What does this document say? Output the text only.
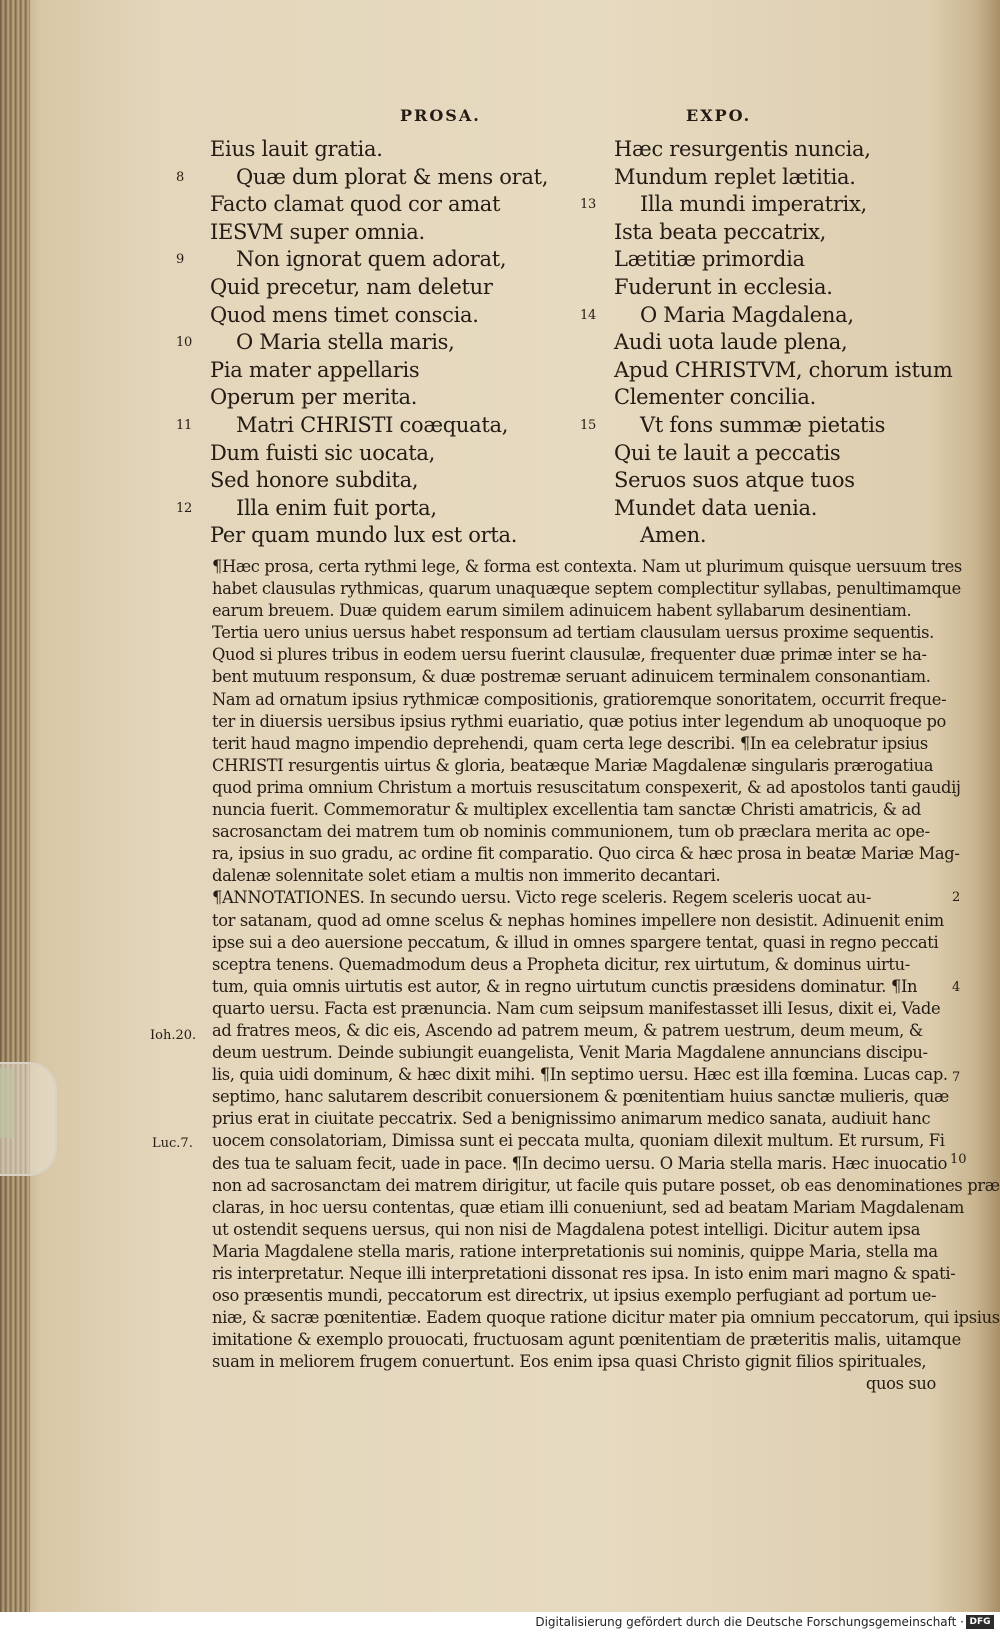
PROSA.	EXPO.
Eius lauit gratia.
8 Quæ dum plorat & mens orat,
Facto clamat quod cor amat
IESVM super omnia.
9 Non ignorat quem adorat,
Quid precetur, nam deletur
Quod mens timet conscia.
10 O Maria stella maris,
Pia mater appellaris
Operum per merita.
11 Matri CHRISTI coæquata,
Dum fuisti sic uocata,
Sed honore subdita,
12 Illa enim fuit porta,
Per quam mundo lux est orta.
Hæc resurgentis nuncia,
Mundum replet lætitia.
13 Illa mundi imperatrix,
Ista beata peccatrix,
Lætitiæ primordia
Fuderunt in ecclesia.
14 O Maria Magdalena,
Audi uota laude plena,
Apud CHRISTVM, chorum istum
Clementer concilia.
15 Vt fons summæ pietatis
Qui te lauit a peccatis
Seruos suos atque tuos
Mundet data uenia.
Amen.
¶Hæc prosa, certa rythmi lege, & forma est contexta. Nam ut plurimum quisque uersuum tres
habet clausulas rythmicas, quarum unaquæque septem complectitur syllabas, penultimamque
earum breuem. Duæ quidem earum similem adinuicem habent syllabarum desinentiam.
Tertia uero unius uersus habet responsum ad tertiam clausulam uersus proxime sequentis.
Quod si plures tribus in eodem uersu fuerint clausulæ, frequenter duæ primæ inter se ha-
bent mutuum responsum, & duæ postremæ seruant adinuicem terminalem consonantiam.
Nam ad ornatum ipsius rythmicæ compositionis, gratioremque sonoritatem, occurrit freque-
ter in diuersis uersibus ipsius rythmi euariatio, quæ potius inter legendum ab unoquoque po
terit haud magno impendio deprehendi, quam certa lege describi. ¶In ea celebratur ipsius
CHRISTI resurgentis uirtus & gloria, beatæque Mariæ Magdalenæ singularis prærogatiua
quod prima omnium Christum a mortuis resuscitatum conspexerit, & ad apostolos tanti gaudij
nuncia fuerit. Commemoratur & multiplex excellentia tam sanctæ Christi amatricis, & ad
sacrosanctam dei matrem tum ob nominis communionem, tum ob præclara merita ac ope-
ra, ipsius in suo gradu, ac ordine fit comparatio. Quo circa & hæc prosa in beatæ Mariæ Mag-
dalenæ solennitate solet etiam a multis non immerito decantari.
¶ANNOTATIONES. In secundo uersu. Victo rege sceleris. Regem sceleris uocat au-
tor satanam, quod ad omne scelus & nephas homines impellere non desistit. Adinuenit enim
ipse sui a deo auersione peccatum, & illud in omnes spargere tentat, quasi in regno peccati
sceptra tenens. Quemadmodum deus a Propheta dicitur, rex uirtutum, & dominus uirtu-
tum, quia omnis uirtutis est autor, & in regno uirtutum cunctis præsidens dominatur. ¶In
quarto uersu. Facta est prænuncia. Nam cum seipsum manifestasset illi Iesus, dixit ei, Vade
ad fratres meos, & dic eis, Ascendo ad patrem meum, & patrem uestrum, deum meum, &
deum uestrum. Deinde subiungit euangelista, Venit Maria Magdalene annuncians discipu-
lis, quia uidi dominum, & hæc dixit mihi. ¶In septimo uersu. Hæc est illa fœmina. Lucas cap.
septimo, hanc salutarem describit conuersionem & pœnitentiam huius sanctæ mulieris, quæ
prius erat in ciuitate peccatrix. Sed a benignissimo animarum medico sanata, audiuit hanc
uocem consolatoriam, Dimissa sunt ei peccata multa, quoniam dilexit multum. Et rursum, Fi
des tua te saluam fecit, uade in pace. ¶In decimo uersu. O Maria stella maris. Hæc inuocatio
non ad sacrosanctam dei matrem dirigitur, ut facile quis putare posset, ob eas denominationes præ
claras, in hoc uersu contentas, quæ etiam illi conueniunt, sed ad beatam Mariam Magdalenam
ut ostendit sequens uersus, qui non nisi de Magdalena potest intelligi. Dicitur autem ipsa
Maria Magdalene stella maris, ratione interpretationis sui nominis, quippe Maria, stella ma
ris interpretatur. Neque illi interpretationi dissonat res ipsa. In isto enim mari magno & spati-
oso præsentis mundi, peccatorum est directrix, ut ipsius exemplo perfugiant ad portum ue-
niæ, & sacræ pœnitentiæ. Eadem quoque ratione dicitur mater pia omnium peccatorum, qui ipsius
imitatione & exemplo prouocati, fructuosam agunt pœnitentiam de præteritis malis, uitamque
suam in meliorem frugem conuertunt. Eos enim ipsa quasi Christo gignit filios spirituales,
quos suo
2
4
7
10
Ioh.20.
Luc.7.
Digitalisierung gefördert durch die Deutsche Forschungsgemeinschaft · DFG
